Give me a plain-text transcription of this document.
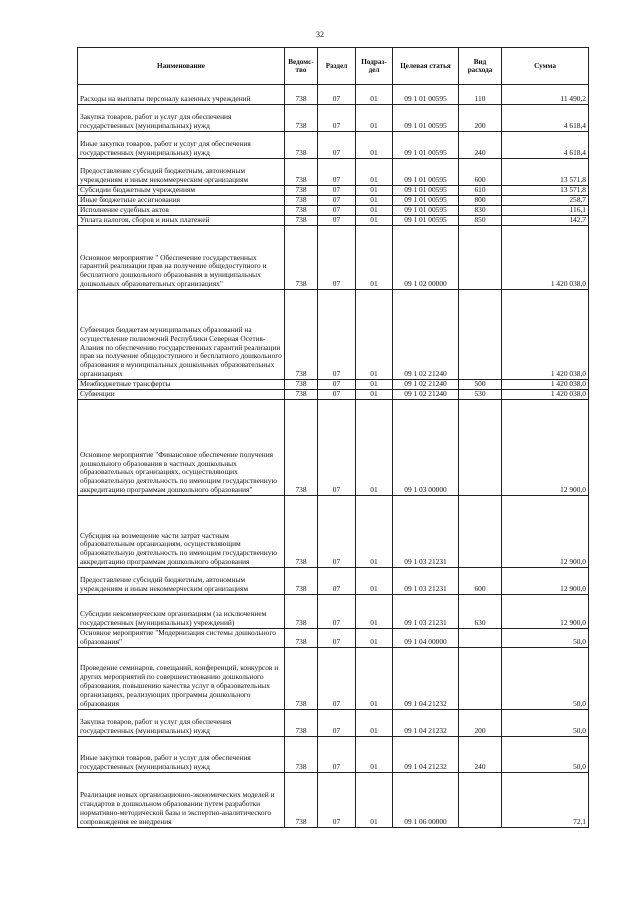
32
Наименование	Ведомс-тво	Раздел	Подраз-дел	Целевая статья	Вид расхода	Сумма
Расходы на выплаты персоналу казенных учреждений	738	07	01	09 1 01 00595	110	11 490,2
Закупка товаров, работ и услуг для обеспечения государственных (муниципальных) нужд	738	07	01	09 1 01 00595	200	4 618,4
Иные закупки товаров, работ и услуг для обеспечения государственных (муниципальных) нужд	738	07	01	09 1 01 00595	240	4 618,4
Предоставление субсидий бюджетным, автономным учреждениям и иным некоммерческим организациям	738	07	01	09 1 01 00595	600	13 571,8
Субсидии бюджетным учреждениям	738	07	01	09 1 01 00595	610	13 571,8
Иные бюджетные ассигнования	738	07	01	09 1 01 00595	800	258,7
Исполнение судебных актов	738	07	01	09 1 01 00595	830	116,1
Уплата налогов, сборов и иных платежей	738	07	01	09 1 01 00595	850	142,7
Основное мероприятие " Обеспечение государственных гарантий реализации прав на получение общедоступного и бесплатного дошкольного образования в муниципальных дошкольных образовательных организациях"	738	07	01	09 1 02 00000		1 420 038,0
Субвенция бюджетам муниципальных образований на осуществление полномочий Республики Северная Осетия-Алания по обеспечению государственных гарантий реализации прав на получение общедоступного и бесплатного дошкольного образования в муниципальных дошкольных образовательных организациях	738	07	01	09 1 02 21240		1 420 038,0
Межбюджетные трансферты	738	07	01	09 1 02 21240	500	1 420 038,0
Субвенции	738	07	01	09 1 02 21240	530	1 420 038,0
Основное мероприятие "Финансовое обеспечение получения дошкольного образования в частных дошкольных образовательных организациях, осуществляющих образовательную деятельность по имеющим государственную аккредитацию программам дошкольного образования"	738	07	01	09 1 03 00000		12 900,0
Субсидия на возмещение части затрат частным образовательным организациям, осуществляющим образовательную деятельность по имеющим государственную аккредитацию программам дошкольного образования	738	07	01	09 1 03 21231		12 900,0
Предоставление субсидий бюджетным, автономным учреждениям и иным некоммерческим организациям	738	07	01	09 1 03 21231	600	12 900,0
Субсидии некоммерческим организациям (за исключением государственных (муниципальных) учреждений)	738	07	01	09 1 03 21231	630	12 900,0
Основное мероприятие "Модернизация системы дошкольного образования"	738	07	01	09 1 04 00000		50,0
Проведение семинаров, совещаний, конференций, конкурсов и других мероприятий по совершенствованию дошкольного образования, повышению качества услуг в образовательных организациях, реализующих программы дошкольного образования	738	07	01	09 1 04 21232		50,0
Закупка товаров, работ и услуг для обеспечения государственных (муниципальных) нужд	738	07	01	09 1 04 21232	200	50,0
Иные закупки товаров, работ и услуг для обеспечения государственных (муниципальных) нужд	738	07	01	09 1 04 21232	240	50,0
Реализация новых организационно-экономических моделей и стандартов в дошкольном образовании путем разработки нормативно-методической базы и экспертно-аналитического сопровождения ее внедрения	738	07	01	09 1 06 00000		72,1
